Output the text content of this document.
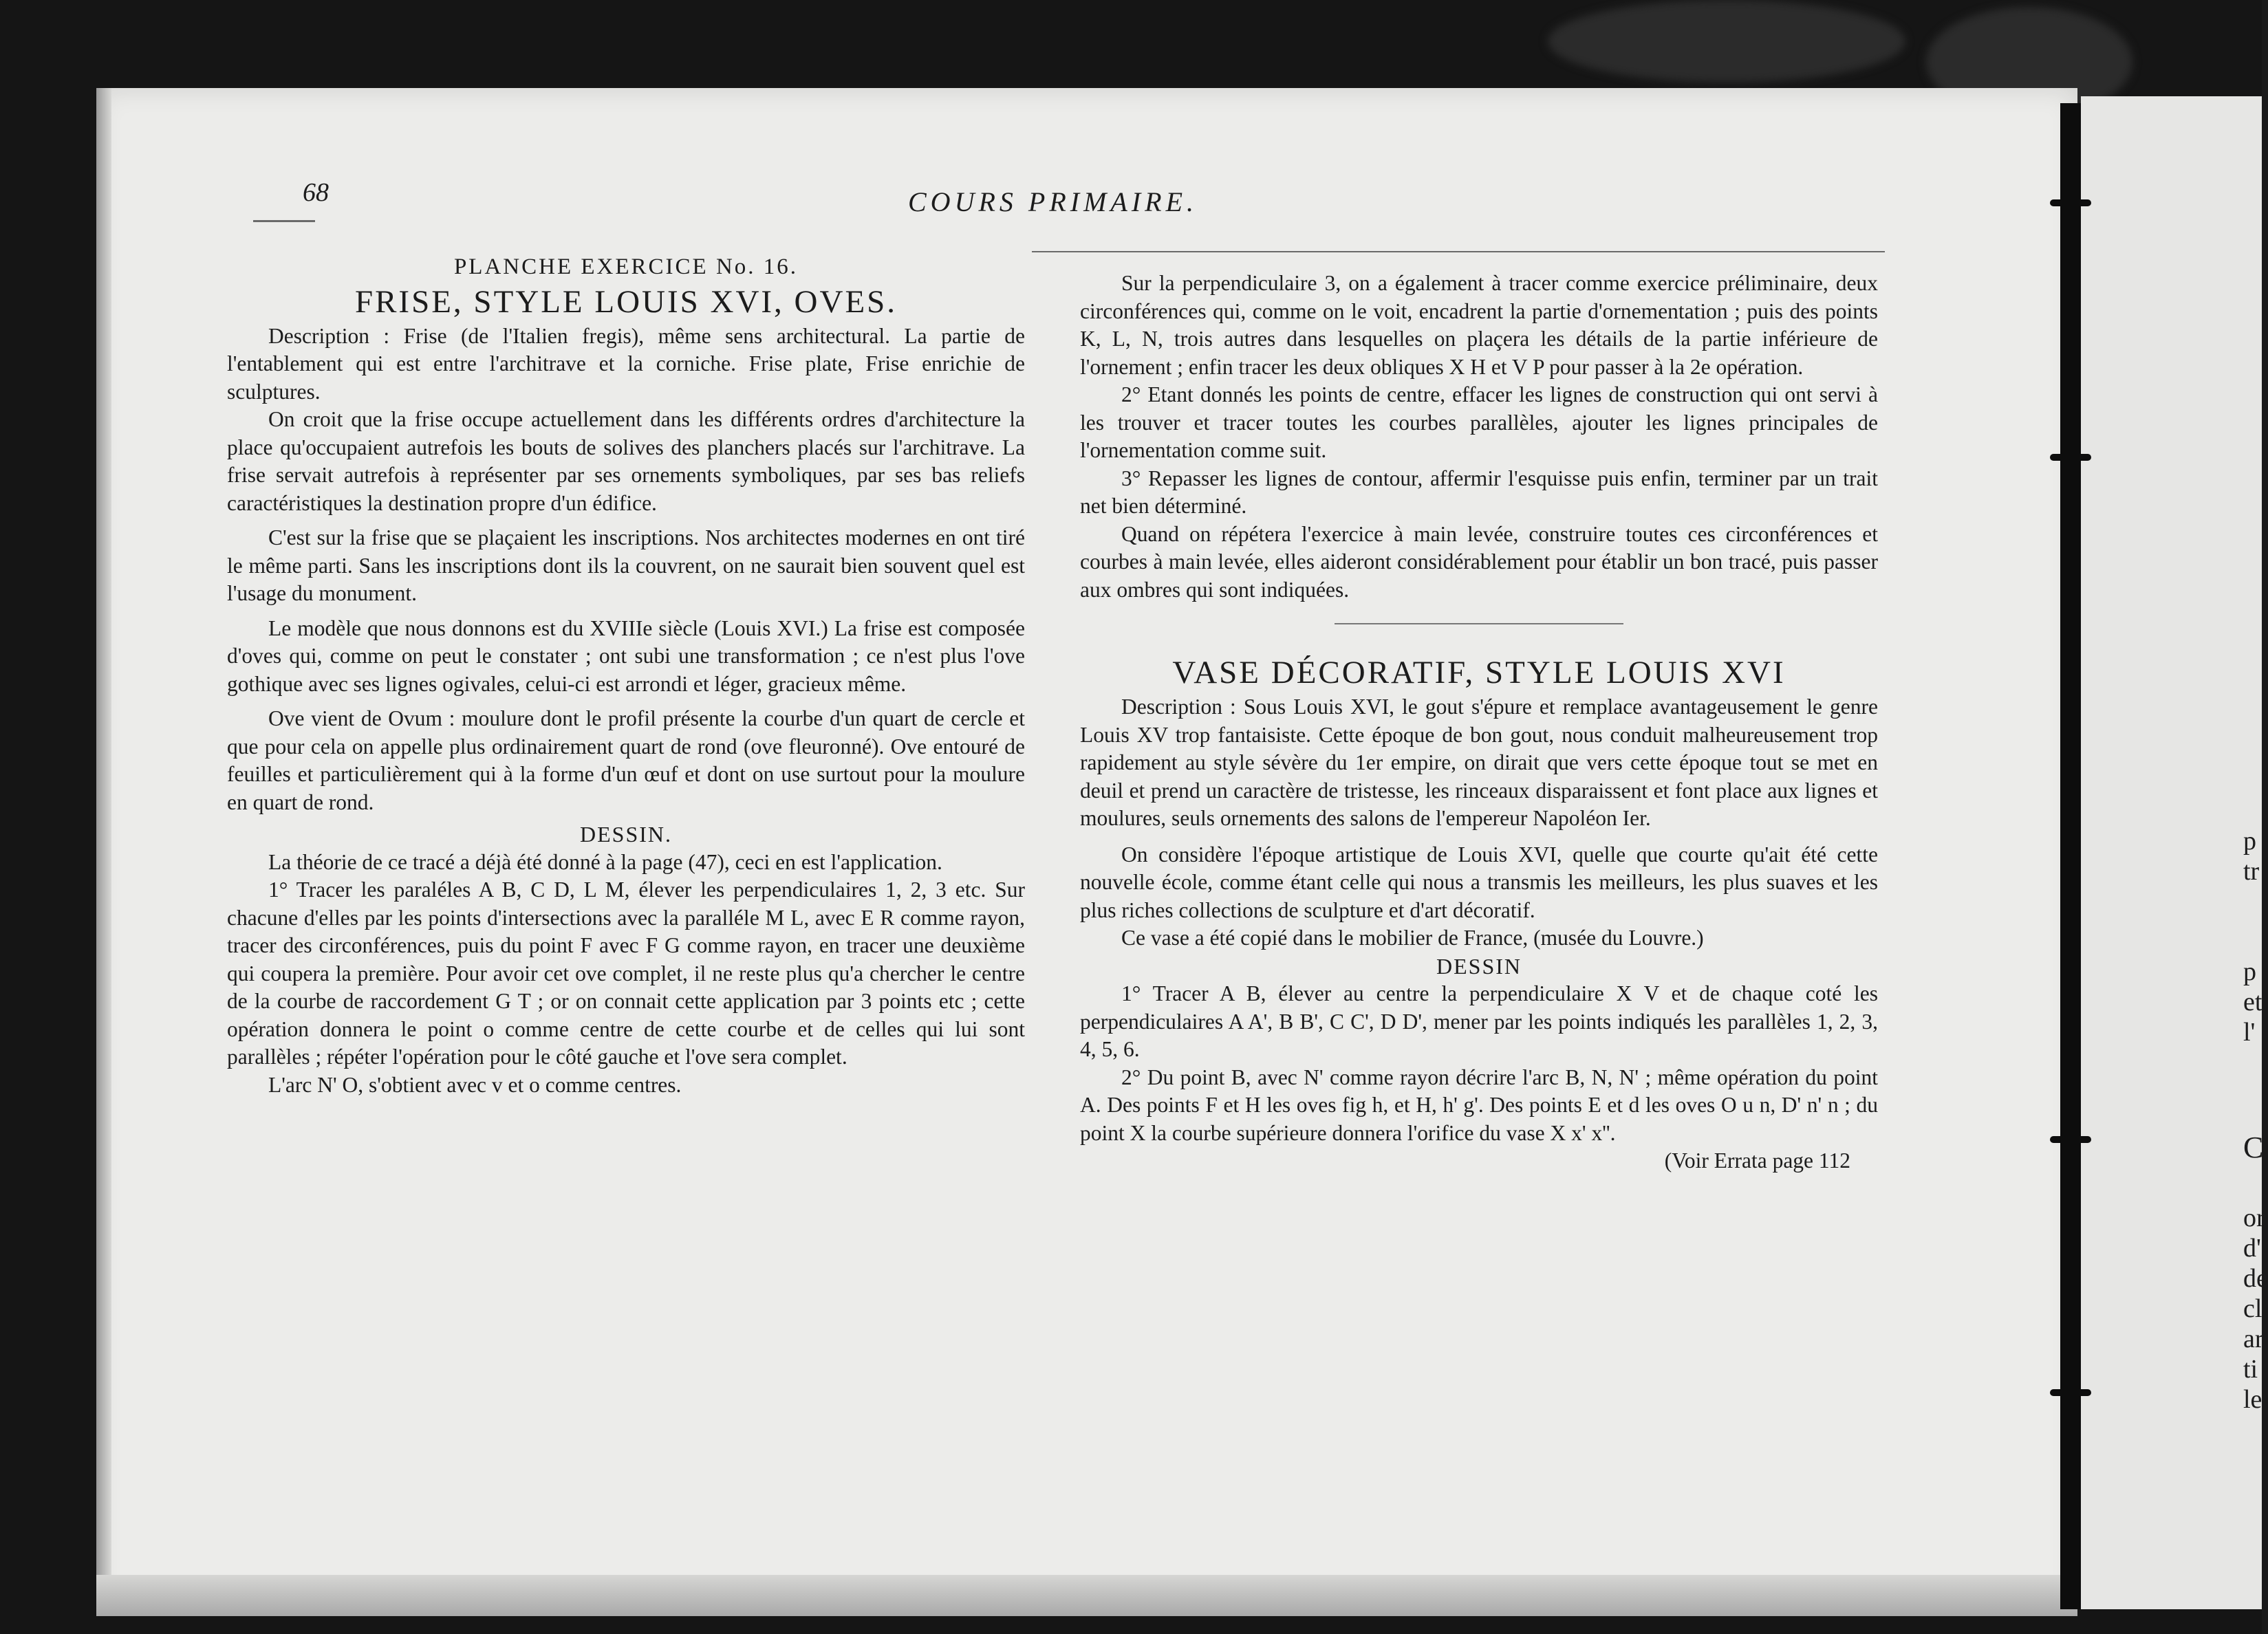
p
tr
p
et
l'
C
or
d'
de
cl
ar
ti
le
68	COURS PRIMAIRE.

PLANCHE EXERCICE No. 16.

FRISE, STYLE LOUIS XVI, OVES.

Description : Frise (de l'Italien fregis), même sens architectural. La partie de l'entablement qui est entre l'architrave et la corniche. Frise plate, Frise enrichie de sculptures.

On croit que la frise occupe actuellement dans les différents ordres d'architecture la place qu'occupaient autrefois les bouts de solives des planchers placés sur l'architrave. La frise servait autrefois à représenter par ses ornements symboliques, par ses bas reliefs caractéristiques la destination propre d'un édifice.

C'est sur la frise que se plaçaient les inscriptions. Nos architectes modernes en ont tiré le même parti. Sans les inscriptions dont ils la couvrent, on ne saurait bien souvent quel est l'usage du monument.

Le modèle que nous donnons est du XVIIIe siècle (Louis XVI.) La frise est composée d'oves qui, comme on peut le constater ; ont subi une transformation ; ce n'est plus l'ove gothique avec ses lignes ogivales, celui-ci est arrondi et léger, gracieux même.

Ove vient de Ovum : moulure dont le profil présente la courbe d'un quart de cercle et que pour cela on appelle plus ordinairement quart de rond (ove fleuronné). Ove entouré de feuilles et particulièrement qui à la forme d'un œuf et dont on use surtout pour la moulure en quart de rond.

DESSIN.

La théorie de ce tracé a déjà été donné à la page (47), ceci en est l'application.

1° Tracer les paraléles A B, C D, L M, élever les perpendiculaires 1, 2, 3 etc. Sur chacune d'elles par les points d'intersections avec la paralléle M L, avec E R comme rayon, tracer des circonférences, puis du point F avec F G comme rayon, en tracer une deuxième qui coupera la première. Pour avoir cet ove complet, il ne reste plus qu'a chercher le centre de la courbe de raccordement G T ; or on connait cette application par 3 points etc ; cette opération donnera le point o comme centre de cette courbe et de celles qui lui sont parallèles ; répéter l'opération pour le côté gauche et l'ove sera complet.

L'arc N' O, s'obtient avec v et o comme centres.

Sur la perpendiculaire 3, on a également à tracer comme exercice préliminaire, deux circonférences qui, comme on le voit, encadrent la partie d'ornementation ; puis des points K, L, N, trois autres dans lesquelles on plaçera les détails de la partie inférieure de l'ornement ; enfin tracer les deux obliques X H et V P pour passer à la 2e opération.

2° Etant donnés les points de centre, effacer les lignes de construction qui ont servi à les trouver et tracer toutes les courbes parallèles, ajouter les lignes principales de l'ornementation comme suit.

3° Repasser les lignes de contour, affermir l'esquisse puis enfin, terminer par un trait net bien déterminé.

Quand on répétera l'exercice à main levée, construire toutes ces circonférences et courbes à main levée, elles aideront considérablement pour établir un bon tracé, puis passer aux ombres qui sont indiquées.

VASE DÉCORATIF, STYLE LOUIS XVI

Description : Sous Louis XVI, le gout s'épure et remplace avantageusement le genre Louis XV trop fantaisiste. Cette époque de bon gout, nous conduit malheureusement trop rapidement au style sévère du 1er empire, on dirait que vers cette époque tout se met en deuil et prend un caractère de tristesse, les rinceaux disparaissent et font place aux lignes et moulures, seuls ornements des salons de l'empereur Napoléon Ier.

On considère l'époque artistique de Louis XVI, quelle que courte qu'ait été cette nouvelle école, comme étant celle qui nous a transmis les meilleurs, les plus suaves et les plus riches collections de sculpture et d'art décoratif.

Ce vase a été copié dans le mobilier de France, (musée du Louvre.)

DESSIN

1° Tracer A B, élever au centre la perpendiculaire X V et de chaque coté les perpendiculaires A A', B B', C C', D D', mener par les points indiqués les parallèles 1, 2, 3, 4, 5, 6.

2° Du point B, avec N' comme rayon décrire l'arc B, N, N' ; même opération du point A. Des points F et H les oves fig h, et H, h' g'. Des points E et d les oves O u n, D' n' n ; du point X la courbe supérieure donnera l'orifice du vase X x' x''.

(Voir Errata page 112
